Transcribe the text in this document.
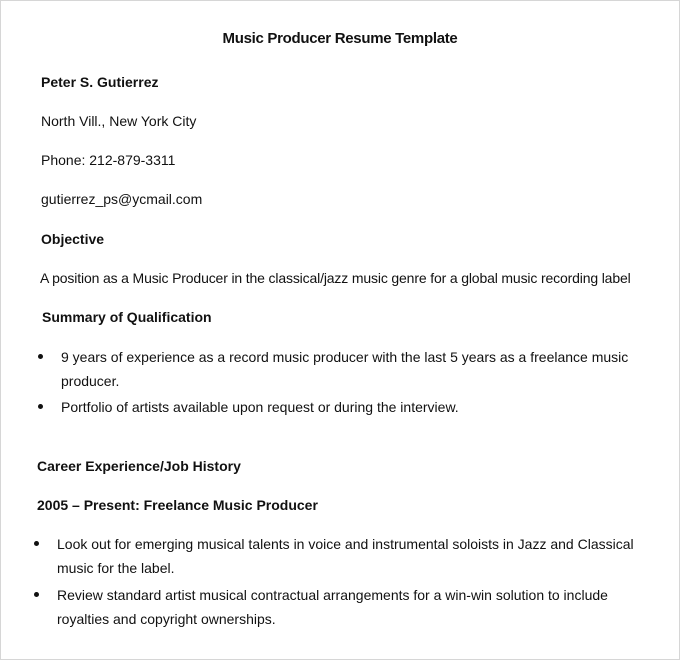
Music Producer Resume Template
Peter S. Gutierrez
North Vill., New York City
Phone: 212-879-3311
gutierrez_ps@ycmail.com
Objective
A position as a Music Producer in the classical/jazz music genre for a global music recording label
Summary of Qualification
9 years of experience as a record music producer with the last 5 years as a freelance music producer.
Portfolio of artists available upon request or during the interview.
Career Experience/Job History
2005 – Present: Freelance Music Producer
Look out for emerging musical talents in voice and instrumental soloists in Jazz and Classical music for the label.
Review standard artist musical contractual arrangements for a win-win solution to include royalties and copyright ownerships.
